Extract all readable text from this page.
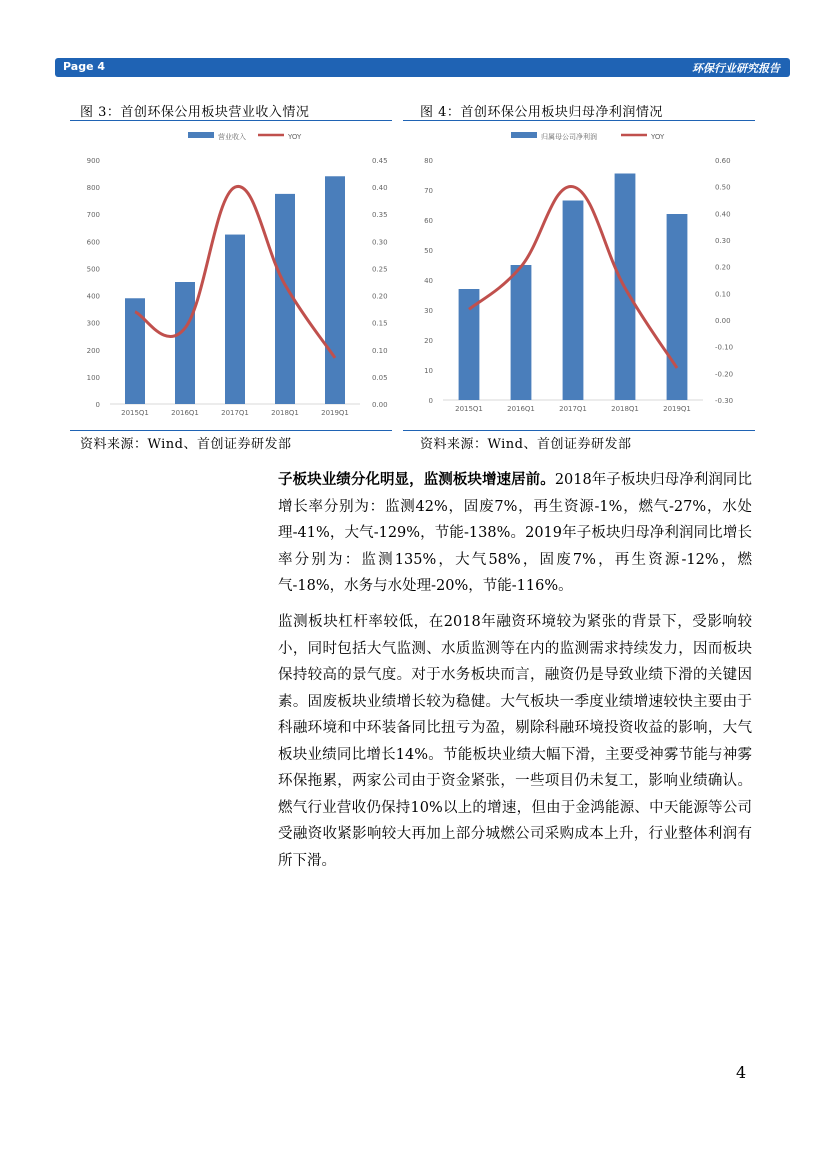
Page 4	环保行业研究报告
图 3：首创环保公用板块营业收入情况	图 4：首创环保公用板块归母净利润情况
营业收入	YOY
0
100
200
300
400
500
600
700
800
900
0.00
0.05
0.10
0.15
0.20
0.25
0.30
0.35
0.40
0.45
2015Q1	2016Q1	2017Q1	2018Q1	2019Q1
归属母公司净利润	YOY
0
10
20
30
40
50
60
70
80
-0.30
-0.20
-0.10
0.00
0.10
0.20
0.30
0.40
0.50
0.60
2015Q1	2016Q1	2017Q1	2018Q1	2019Q1
资料来源：Wind、首创证券研发部	资料来源：Wind、首创证券研发部
子板块业绩分化明显，监测板块增速居前。2018年子板块归母净利润同比增长率分别为：监测42%，固废7%，再生资源-1%，燃气-27%，水处理-41%，大气-129%，节能-138%。2019年子板块归母净利润同比增长率分别为：监测135%，大气58%，固废7%，再生资源-12%，燃气-18%，水务与水处理-20%，节能-116%。
监测板块杠杆率较低，在2018年融资环境较为紧张的背景下，受影响较小，同时包括大气监测、水质监测等在内的监测需求持续发力，因而板块保持较高的景气度。对于水务板块而言，融资仍是导致业绩下滑的关键因素。固废板块业绩增长较为稳健。大气板块一季度业绩增速较快主要由于科融环境和中环装备同比扭亏为盈，剔除科融环境投资收益的影响，大气板块业绩同比增长14%。节能板块业绩大幅下滑，主要受神雾节能与神雾环保拖累，两家公司由于资金紧张，一些项目仍未复工，影响业绩确认。燃气行业营收仍保持10%以上的增速，但由于金鸿能源、中天能源等公司受融资收紧影响较大再加上部分城燃公司采购成本上升，行业整体利润有所下滑。
4
